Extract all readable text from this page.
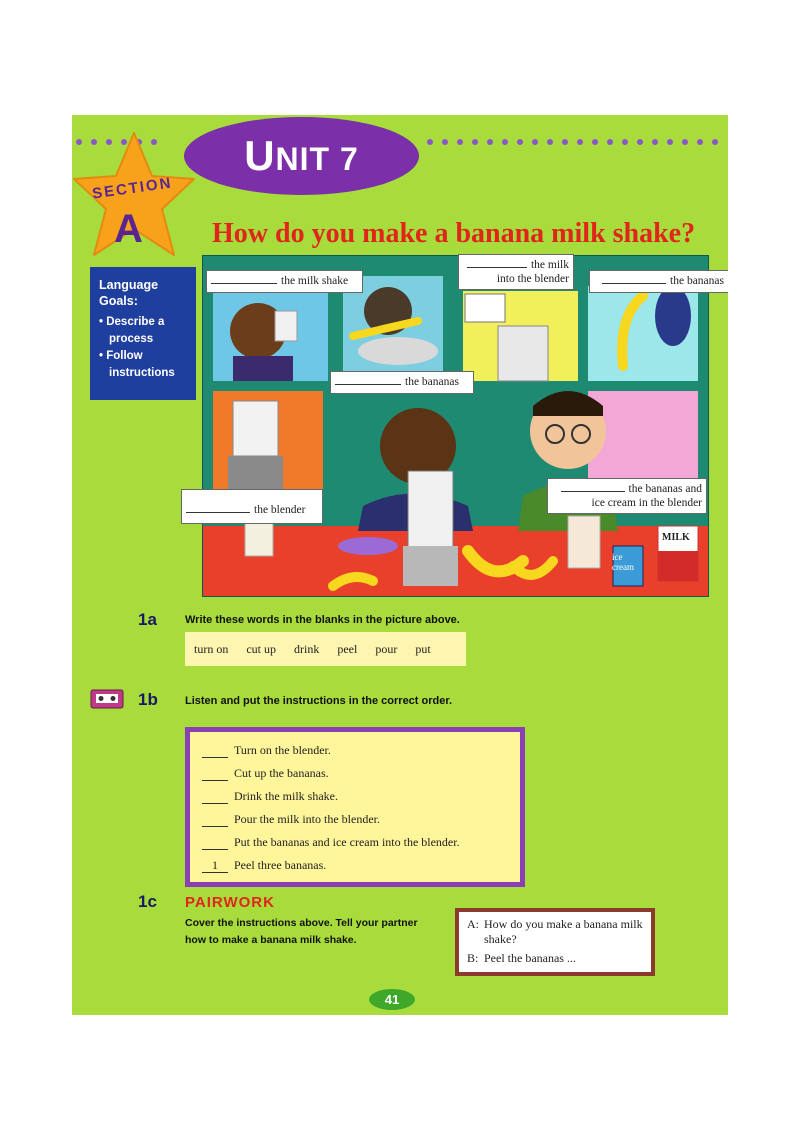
UNIT 7
SECTION
A How do you make a banana milk shake?
Language Goals:
• Describe a process
• Follow instructions
MILK
ice cream
the milk shake
the milk into the blender	the bananas
the bananas
the blender
the bananas and ice cream in the blender
1a	Write these words in the blanks in the picture above.
turn on cut up drink peel pour put
1b Listen and put the instructions in the correct order.
Turn on the blender.
Cut up the bananas.
Drink the milk shake.
Pour the milk into the blender.
Put the bananas and ice cream into the blender.
1	Peel three bananas.
1c PAIRWORK
Cover the instructions above. Tell your partner how to make a banana milk shake.
A: How do you make a banana milk shake?
B: Peel the bananas ...
41
